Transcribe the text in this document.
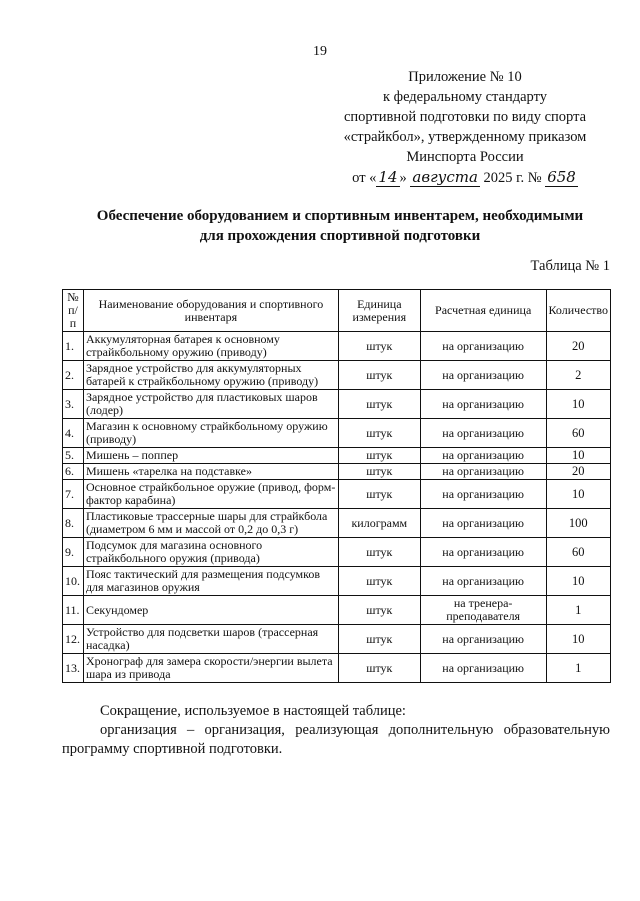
19
Приложение № 10
к федеральному стандарту
спортивной подготовки по виду спорта
«страйкбол», утвержденному приказом
Минспорта России
от « 14 » августа 2025 г. № 658
Обеспечение оборудованием и спортивным инвентарем, необходимыми
для прохождения спортивной подготовки
Таблица № 1
№ п/п	Наименование оборудования и спортивного инвентаря	Единица измерения	Расчетная единица	Количество
1.	Аккумуляторная батарея к основному страйкбольному оружию (приводу)	штук	на организацию	20
2.	Зарядное устройство для аккумуляторных батарей к страйкбольному оружию (приводу)	штук	на организацию	2
3.	Зарядное устройство для пластиковых шаров (лодер)	штук	на организацию	10
4.	Магазин к основному страйкбольному оружию (приводу)	штук	на организацию	60
5.	Мишень – поппер	штук	на организацию	10
6.	Мишень «тарелка на подставке»	штук	на организацию	20
7.	Основное страйкбольное оружие (привод, форм-фактор карабина)	штук	на организацию	10
8.	Пластиковые трассерные шары для страйкбола (диаметром 6 мм и массой от 0,2 до 0,3 г)	килограмм	на организацию	100
9.	Подсумок для магазина основного страйкбольного оружия (привода)	штук	на организацию	60
10.	Пояс тактический для размещения подсумков для магазинов оружия	штук	на организацию	10
11.	Секундомер	штук	на тренера-преподавателя	1
12.	Устройство для подсветки шаров (трассерная насадка)	штук	на организацию	10
13.	Хронограф для замера скорости/энергии вылета шара из привода	штук	на организацию	1

Сокращение, используемое в настоящей таблице:

организация – организация, реализующая дополнительную образовательную программу спортивной подготовки.
